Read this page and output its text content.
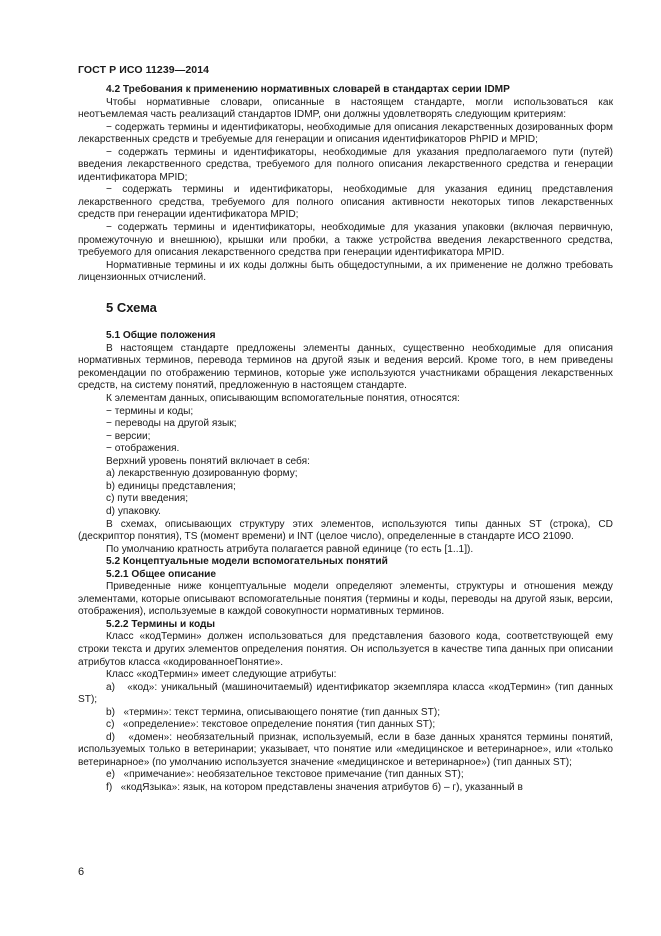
ГОСТ Р ИСО 11239—2014

4.2 Требования к применению нормативных словарей в стандартах серии IDMP

Чтобы нормативные словари, описанные в настоящем стандарте, могли использоваться как неотъемлемая часть реализаций стандартов IDMP, они должны удовлетворять следующим критериям:

− содержать термины и идентификаторы, необходимые для описания лекарственных дозированных форм лекарственных средств и требуемые для генерации и описания идентификаторов PhPID и MPID;

− содержать термины и идентификаторы, необходимые для указания предполагаемого пути (путей) введения лекарственного средства, требуемого для полного описания лекарственного средства и генерации идентификатора MPID;

− содержать термины и идентификаторы, необходимые для указания единиц представления лекарственного средства, требуемого для полного описания активности некоторых типов лекарственных средств при генерации идентификатора MPID;

− содержать термины и идентификаторы, необходимые для указания упаковки (включая первичную, промежуточную и внешнюю), крышки или пробки, а также устройства введения лекарственного средства, требуемого для описания лекарственного средства при генерации идентификатора MPID.

Нормативные термины и их коды должны быть общедоступными, а их применение не должно требовать лицензионных отчислений.

5 Схема

5.1 Общие положения

В настоящем стандарте предложены элементы данных, существенно необходимые для описания нормативных терминов, перевода терминов на другой язык и ведения версий. Кроме того, в нем приведены рекомендации по отображению терминов, которые уже используются участниками обращения лекарственных средств, на систему понятий, предложенную в настоящем стандарте.

К элементам данных, описывающим вспомогательные понятия, относятся:

− термины и коды;

− переводы на другой язык;

− версии;

− отображения.

Верхний уровень понятий включает в себя:

a) лекарственную дозированную форму;

b) единицы представления;

c) пути введения;

d) упаковку.

В схемах, описывающих структуру этих элементов, используются типы данных ST (строка), CD (дескриптор понятия), TS (момент времени) и INT (целое число), определенные в стандарте ИСО 21090.

По умолчанию кратность атрибута полагается равной единице (то есть [1..1]).

5.2 Концептуальные модели вспомогательных понятий

5.2.1 Общее описание

Приведенные ниже концептуальные модели определяют элементы, структуры и отношения между элементами, которые описывают вспомогательные понятия (термины и коды, переводы на другой язык, версии, отображения), используемые в каждой совокупности нормативных терминов.

5.2.2 Термины и коды

Класс «кодТермин» должен использоваться для представления базового кода, соответствующей ему строки текста и других элементов определения понятия. Он используется в качестве типа данных при описании атрибутов класса «кодированноеПонятие».

Класс «кодТермин» имеет следующие атрибуты:

a) «код»: уникальный (машиночитаемый) идентификатор экземпляра класса «кодТермин» (тип данных ST);

b) «термин»: текст термина, описывающего понятие (тип данных ST);

c) «определение»: текстовое определение понятия (тип данных ST);

d) «домен»: необязательный признак, используемый, если в базе данных хранятся термины понятий, используемых только в ветеринарии; указывает, что понятие или «медицинское и ветеринарное», или «только ветеринарное» (по умолчанию используется значение «медицинское и ветеринарное») (тип данных ST);

e) «примечание»: необязательное текстовое примечание (тип данных ST);

f) «кодЯзыка»: язык, на котором представлены значения атрибутов б) – г), указанный в

6
